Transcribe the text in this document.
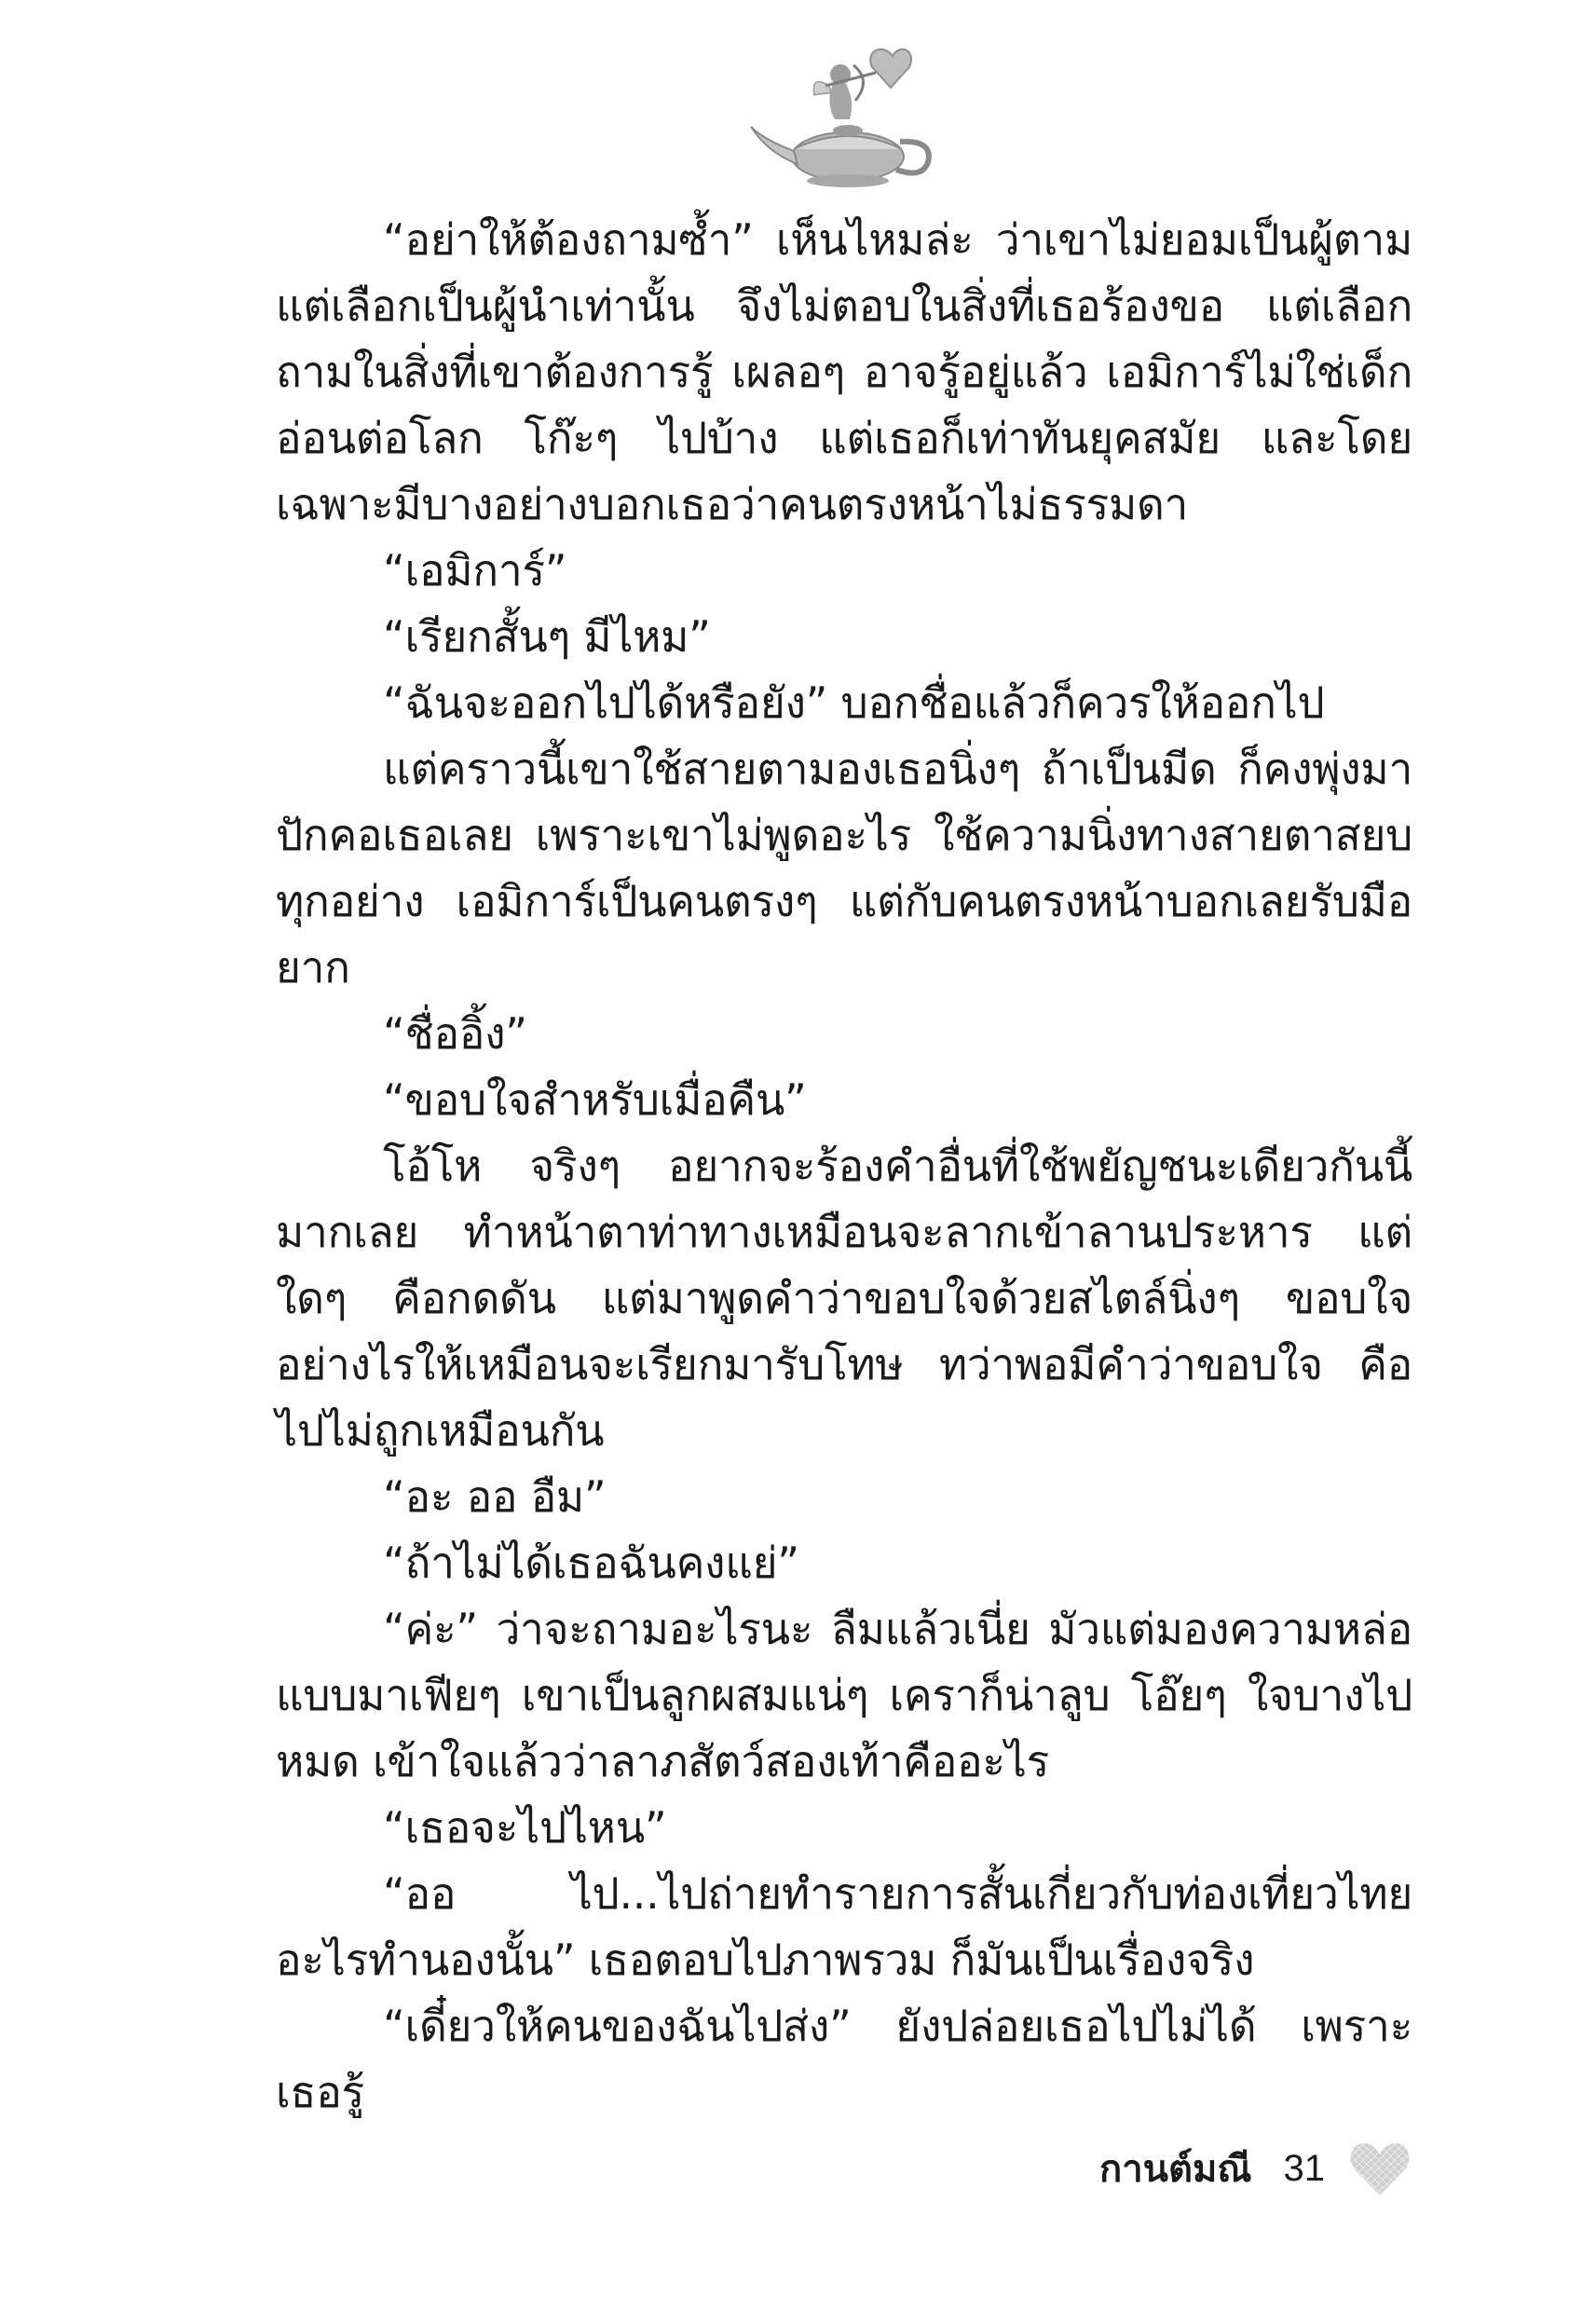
“อย่าให้ต้องถามซ้ำ” เห็นไหมล่ะ ว่าเขาไม่ยอมเป็นผู้ตาม แต่เลือกเป็นผู้นำเท่านั้น จึงไม่ตอบในสิ่งที่เธอร้องขอ แต่เลือกถามในสิ่งที่เขาต้องการรู้ เผลอๆ อาจรู้อยู่แล้ว เอมิการ์ไม่ใช่เด็กอ่อนต่อโลก โก๊ะๆ ไปบ้าง แต่เธอก็เท่าทันยุคสมัย และโดยเฉพาะมีบางอย่างบอกเธอว่าคนตรงหน้าไม่ธรรมดา

“เอมิการ์”

“เรียกสั้นๆ มีไหม”

“ฉันจะออกไปได้หรือยัง” บอกชื่อแล้วก็ควรให้ออกไป

แต่คราวนี้เขาใช้สายตามองเธอนิ่งๆ ถ้าเป็นมีด ก็คงพุ่งมาปักคอเธอเลย เพราะเขาไม่พูดอะไร ใช้ความนิ่งทางสายตาสยบทุกอย่าง เอมิการ์เป็นคนตรงๆ แต่กับคนตรงหน้าบอกเลยรับมือยาก

“ชื่ออิ้ง”

“ขอบใจสำหรับเมื่อคืน”

โอ้โห จริงๆ อยากจะร้องคำอื่นที่ใช้พยัญชนะเดียวกันนี้มากเลย ทำหน้าตาท่าทางเหมือนจะลากเข้าลานประหาร แต่ใดๆ คือกดดัน แต่มาพูดคำว่าขอบใจด้วยสไตล์นิ่งๆ ขอบใจอย่างไรให้เหมือนจะเรียกมารับโทษ ทว่าพอมีคำว่าขอบใจ คือไปไม่ถูกเหมือนกัน

“อะ ออ อืม”

“ถ้าไม่ได้เธอฉันคงแย่”

“ค่ะ” ว่าจะถามอะไรนะ ลืมแล้วเนี่ย มัวแต่มองความหล่อแบบมาเฟียๆ เขาเป็นลูกผสมแน่ๆ เคราก็น่าลูบ โอ๊ยๆ ใจบางไปหมด เข้าใจแล้วว่าลาภสัตว์สองเท้าคืออะไร

“เธอจะไปไหน”

“ออ ไป...ไปถ่ายทำรายการสั้นเกี่ยวกับท่องเที่ยวไทย อะไรทำนองนั้น” เธอตอบไปภาพรวม ก็มันเป็นเรื่องจริง

“เดี๋ยวให้คนของฉันไปส่ง” ยังปล่อยเธอไปไม่ได้ เพราะเธอรู้

กานต์มณี 31
